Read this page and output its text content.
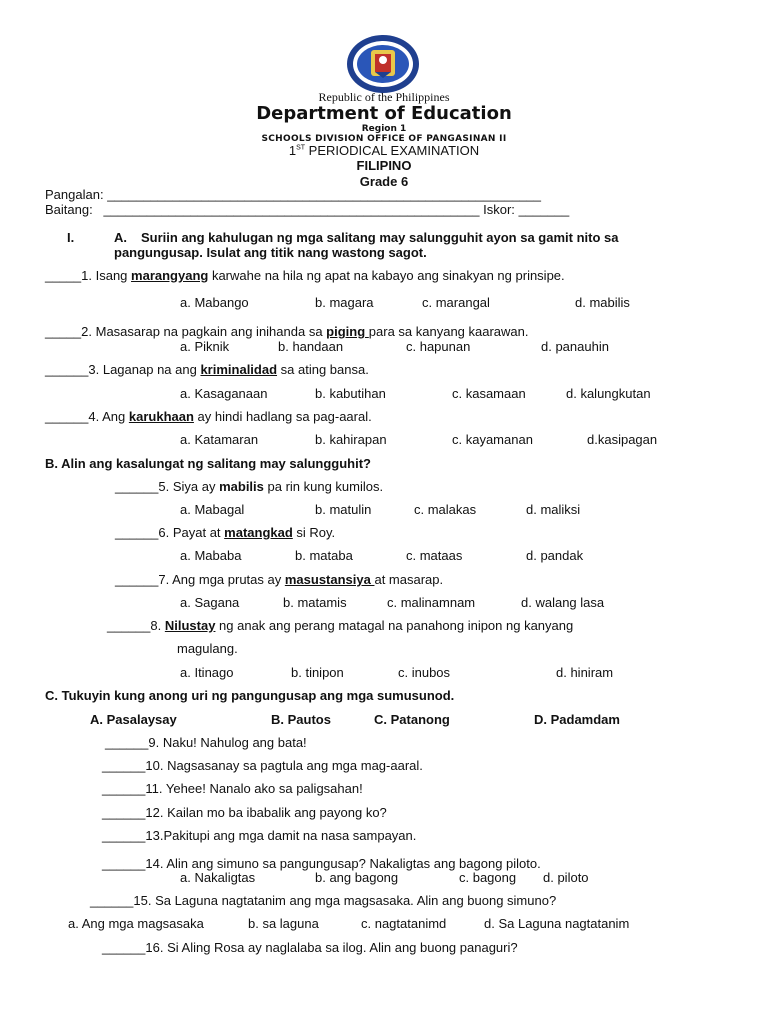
Republic of the Philippines
Department of Education
Region 1
SCHOOLS DIVISION OFFICE OF PANGASINAN II
1ST PERIODICAL EXAMINATION
FILIPINO
Grade 6
Pangalan: ____________________________________________________________
Baitang: ____________________________________________________ Iskor: _______
I.	A. Suriin ang kahulugan ng mga salitang may salungguhit ayon sa gamit nito sa
pangungusap. Isulat ang titik nang wastong sagot.
_____1. Isang marangyang karwahe na hila ng apat na kabayo ang sinakyan ng prinsipe.
a. Mabango	b. magara	c. marangal	d. mabilis
_____2. Masasarap na pagkain ang inihanda sa piging para sa kanyang kaarawan.
a. Piknik	b. handaan	c. hapunan	d. panauhin
______3. Laganap na ang kriminalidad sa ating bansa.
a. Kasaganaan	b. kabutihan	c. kasamaan	d. kalungkutan
______4. Ang karukhaan ay hindi hadlang sa pag-aaral.
a. Katamaran	b. kahirapan	c. kayamanan	d.kasipagan
B. Alin ang kasalungat ng salitang may salungguhit?
______5. Siya ay mabilis pa rin kung kumilos.
a. Mabagal	b. matulin	c. malakas	d. maliksi
______6. Payat at matangkad si Roy.
a. Mababa	b. mataba	c. mataas	d. pandak
______7. Ang mga prutas ay masustansiya at masarap.
a. Sagana	b. matamis	c. malinamnam	d. walang lasa
______8. Nilustay ng anak ang perang matagal na panahong inipon ng kanyang
magulang.
a. Itinago	b. tinipon	c. inubos	d. hiniram
C. Tukuyin kung anong uri ng pangungusap ang mga sumusunod.
A. Pasalaysay	B. Pautos	C. Patanong	D. Padamdam
______9. Naku! Nahulog ang bata!
______10. Nagsasanay sa pagtula ang mga mag-aaral.
______11. Yehee! Nanalo ako sa paligsahan!
______12. Kailan mo ba ibabalik ang payong ko?
______13.Pakitupi ang mga damit na nasa sampayan.
______14. Alin ang simuno sa pangungusap? Nakaligtas ang bagong piloto.
a. Nakaligtas	b. ang bagong	c. bagong d. piloto
______15. Sa Laguna nagtatanim ang mga magsasaka. Alin ang buong simuno?
a. Ang mga magsasaka	b. sa laguna	c. nagtatanimd	d. Sa Laguna nagtatanim
______16. Si Aling Rosa ay naglalaba sa ilog. Alin ang buong panaguri?
